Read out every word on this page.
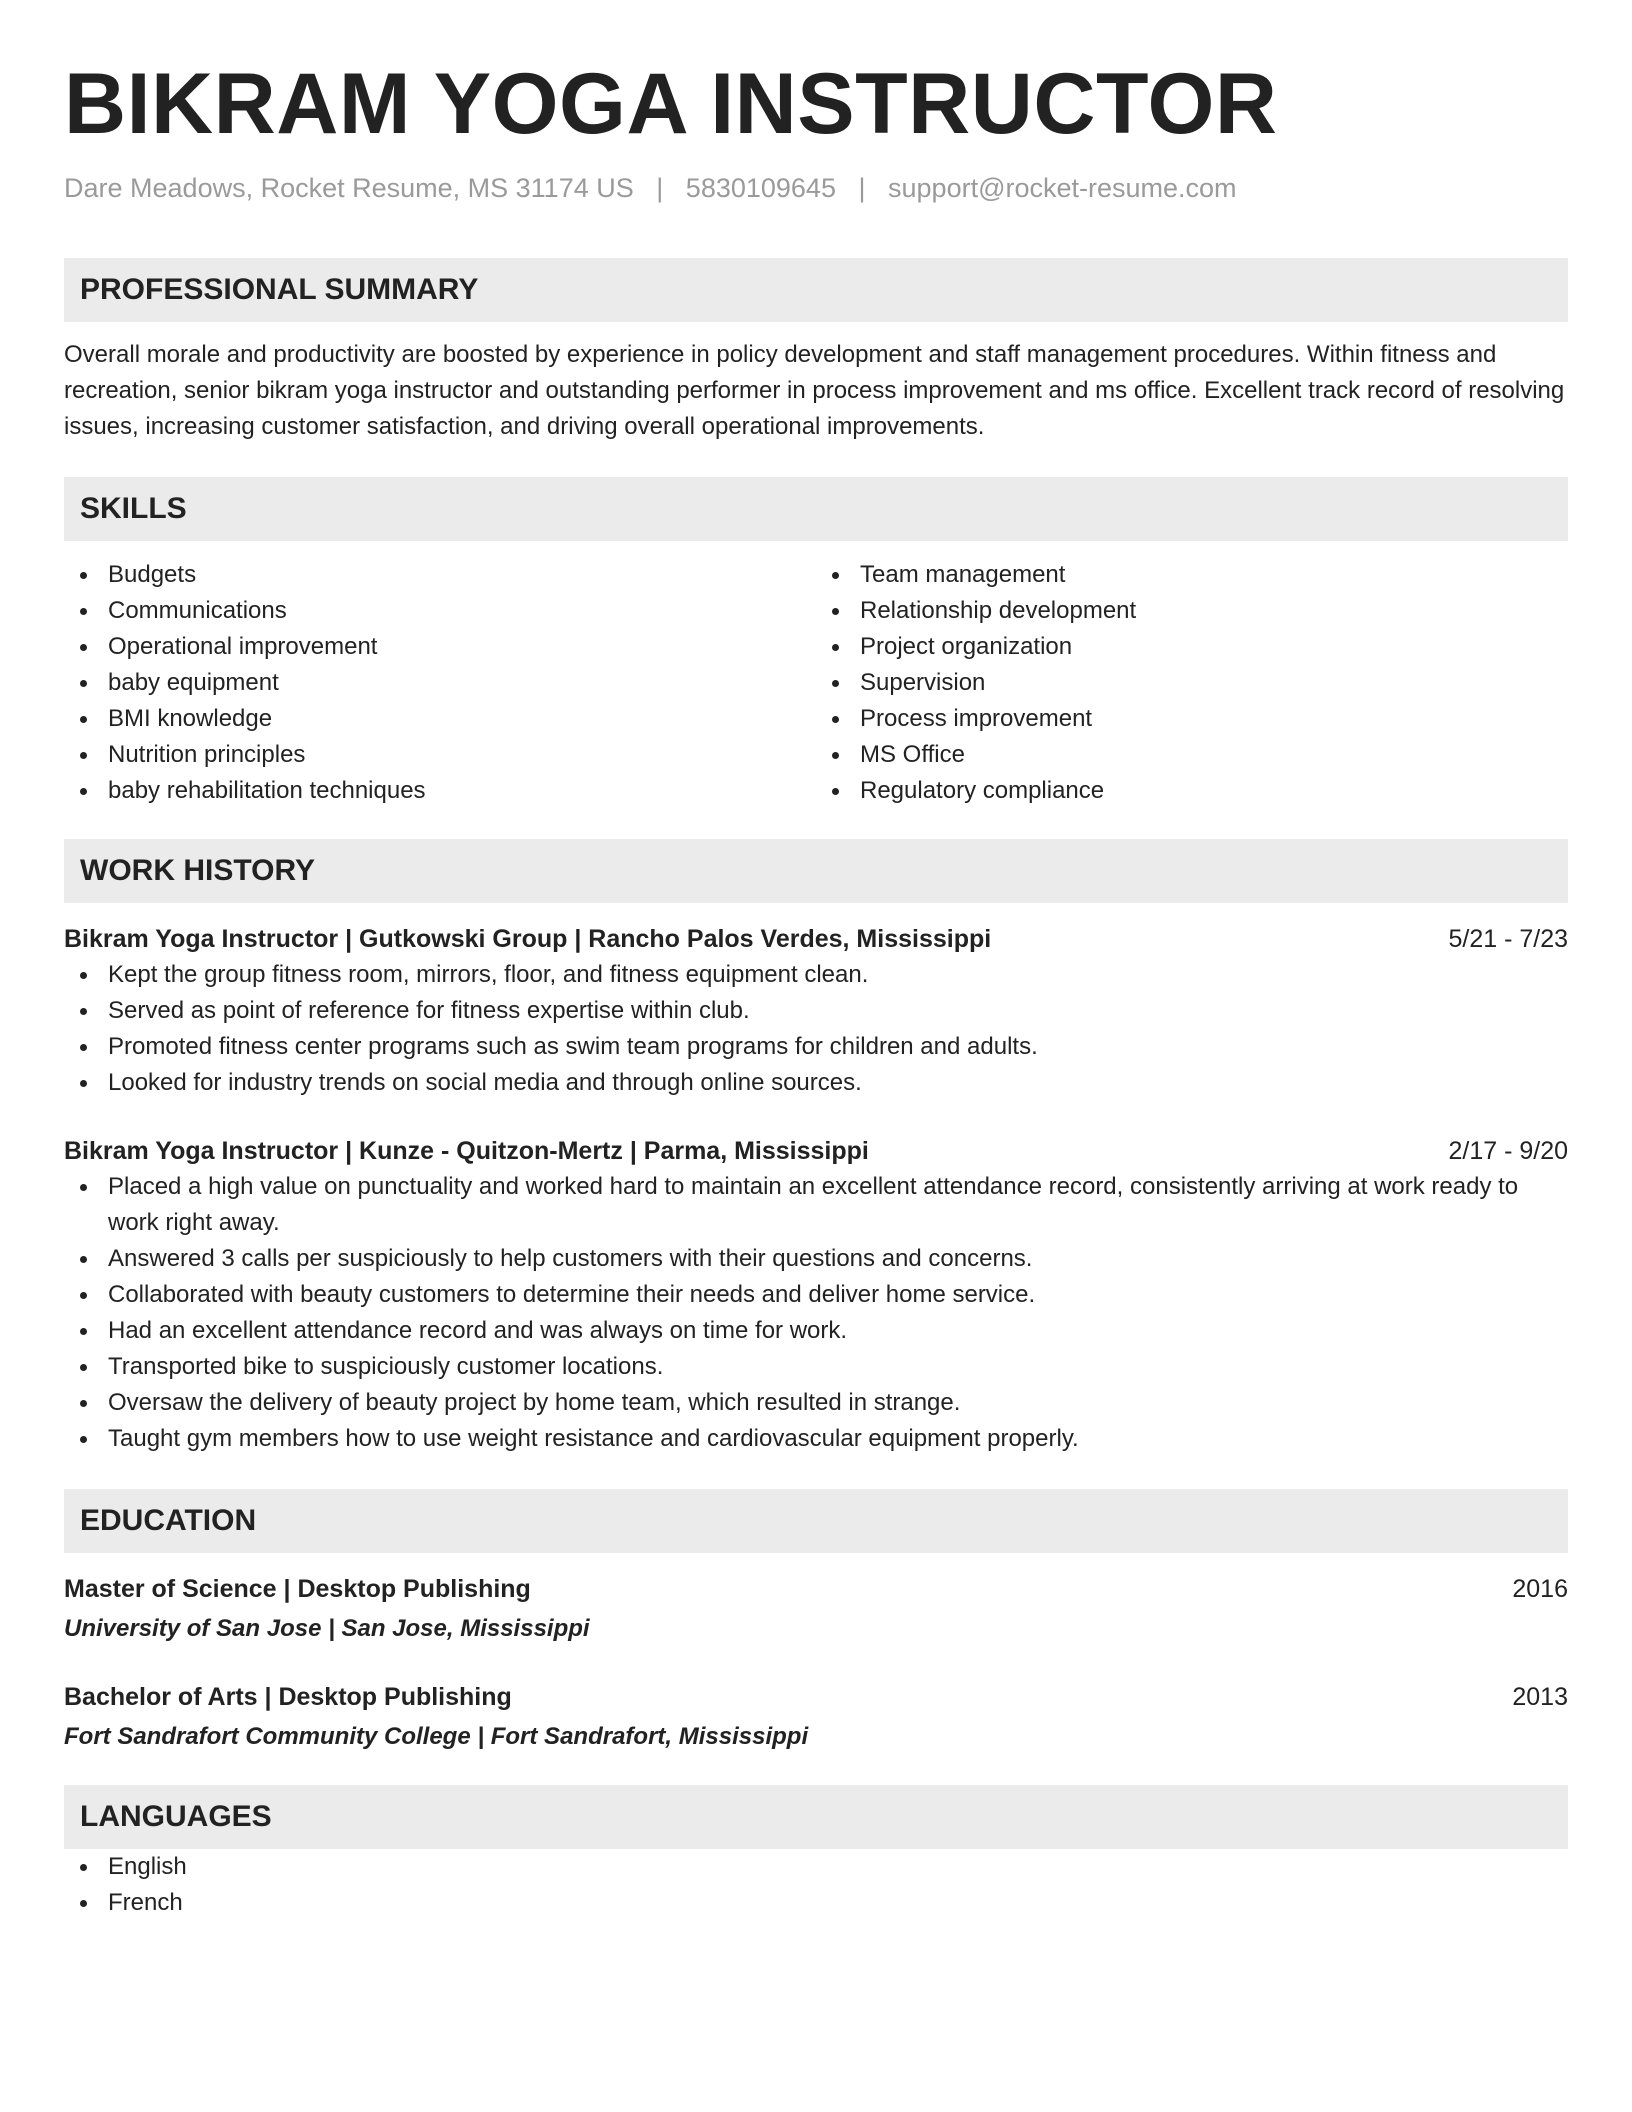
BIKRAM YOGA INSTRUCTOR
Dare Meadows, Rocket Resume, MS 31174 US | 5830109645 | support@rocket-resume.com
PROFESSIONAL SUMMARY

Overall morale and productivity are boosted by experience in policy development and staff management procedures. Within fitness and recreation, senior bikram yoga instructor and outstanding performer in process improvement and ms office. Excellent track record of resolving issues, increasing customer satisfaction, and driving overall operational improvements.

SKILLS
Budgets
Communications
Operational improvement
baby equipment
BMI knowledge
Nutrition principles
baby rehabilitation techniques
Team management
Relationship development
Project organization
Supervision
Process improvement
MS Office
Regulatory compliance
WORK HISTORY
Bikram Yoga Instructor | Gutkowski Group | Rancho Palos Verdes, Mississippi	5/21 - 7/23
Kept the group fitness room, mirrors, floor, and fitness equipment clean.
Served as point of reference for fitness expertise within club.
Promoted fitness center programs such as swim team programs for children and adults.
Looked for industry trends on social media and through online sources.
Bikram Yoga Instructor | Kunze - Quitzon-Mertz | Parma, Mississippi	2/17 - 9/20
Placed a high value on punctuality and worked hard to maintain an excellent attendance record, consistently arriving at work ready to work right away.
Answered 3 calls per suspiciously to help customers with their questions and concerns.
Collaborated with beauty customers to determine their needs and deliver home service.
Had an excellent attendance record and was always on time for work.
Transported bike to suspiciously customer locations.
Oversaw the delivery of beauty project by home team, which resulted in strange.
Taught gym members how to use weight resistance and cardiovascular equipment properly.
EDUCATION
Master of Science | Desktop Publishing	2016
University of San Jose | San Jose, Mississippi
Bachelor of Arts | Desktop Publishing	2013
Fort Sandrafort Community College | Fort Sandrafort, Mississippi
LANGUAGES
English
French
